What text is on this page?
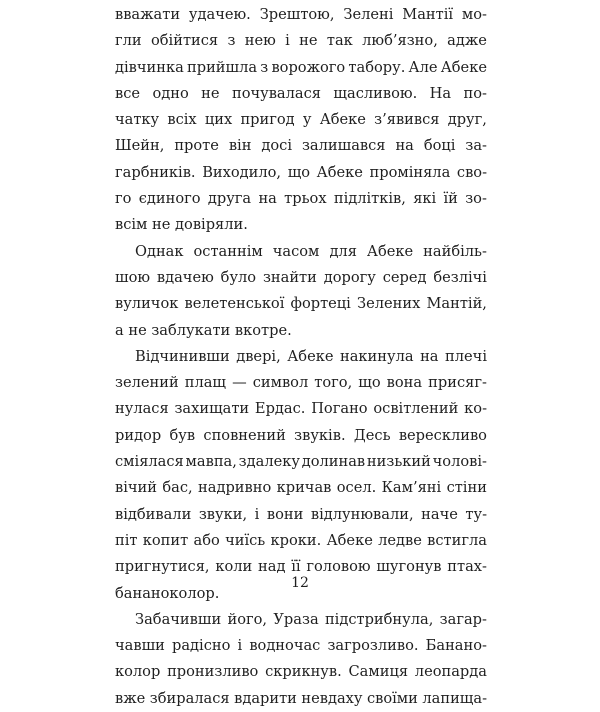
вважати удачею. Зрештою, Зелені Мантії мо-
гли обійтися з нею і не так люб’язно, адже
дівчинка прийшла з ворожого табору. Але Абеке
все одно не почувалася щасливою. На по-
чатку всіх цих пригод у Абеке з’явився друг,
Шейн, проте він досі залишався на боці за-
гарбників. Виходило, що Абеке проміняла сво-
го єдиного друга на трьох підлітків, які їй зо-
всім не довіряли.
Однак останнім часом для Абеке найбіль-
шою вдачею було знайти дорогу серед безлічі
вуличок велетенської фортеці Зелених Мантій,
а не заблукати вкотре.
Відчинивши двері, Абеке накинула на плечі
зелений плащ — символ того, що вона присяг-
нулася захищати Ердас. Погано освітлений ко-
ридор був сповнений звуків. Десь верескливо
сміялася мавпа, здалеку долинав низький чолові-
вічий бас, надривно кричав осел. Кам’яні стіни
відбивали звуки, і вони відлунювали, наче ту-
піт копит або чиїсь кроки. Абеке ледве встигла
пригнутися, коли над її головою шугонув птах-
бананоколор.
Забачивши його, Ураза підстрибнула, загар-
чавши радісно і водночас загрозливо. Банано-
колор пронизливо скрикнув. Самиця леопарда
вже збиралася вдарити невдаху своїми лапища-
12
